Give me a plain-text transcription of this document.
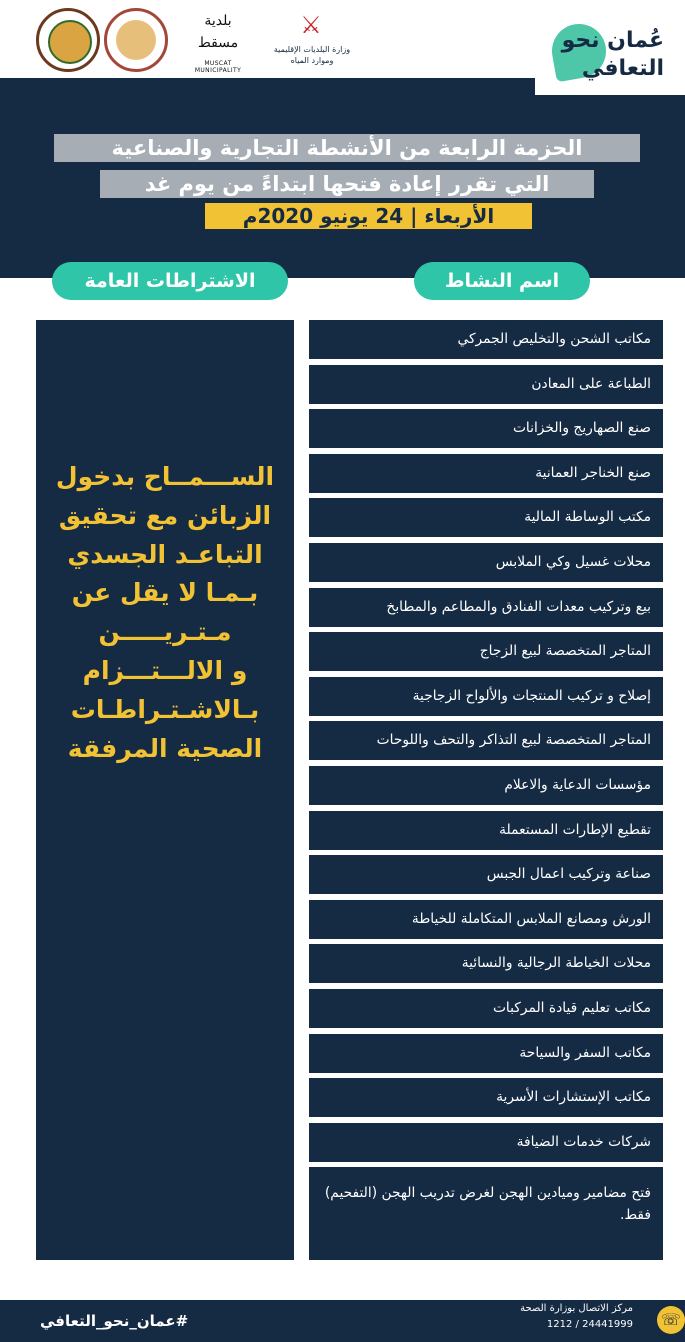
بلدية مسقط
MUSCAT MUNICIPALITY
⚔
وزارة البلديات الإقليمية وموارد المياه
عُمان نحو
التعافي
الحزمة الرابعة من الأنشطة التجارية والصناعية
التي تقرر إعادة فتحها ابتداءً من يوم غد
الأربعاء | 24 يونيو 2020م
الاشتراطات العامة	اسم النشاط
الســـمــاح بدخول
الزبائن مع تحقيق
التباعـد الجسدي
بـمـا لا يقل عن
مـتـريـــــن
و الالـــتـــزام
بـالاشـتـراطـات
الصحية المرفقة
مكاتب الشحن والتخليص الجمركي
الطباعة على المعادن
صنع الصهاريج والخزانات
صنع الخناجر العمانية
مكتب الوساطة المالية
محلات غسيل وكي الملابس
بيع وتركيب معدات الفنادق والمطاعم والمطابخ
المتاجر المتخصصة لبيع الزجاج
إصلاح و تركيب المنتجات والألواح الزجاجية
المتاجر المتخصصة لبيع التذاكر والتحف واللوحات
مؤسسات الدعاية والاعلام
تقطيع الإطارات المستعملة
صناعة وتركيب اعمال الجبس
الورش ومصانع الملابس المتكاملة للخياطة
محلات الخياطة الرجالية والنسائية
مكاتب تعليم قيادة المركبات
مكاتب السفر والسياحة
مكاتب الإستشارات الأسرية
شركات خدمات الضيافة
فتح مضامير وميادين الهجن لغرض تدريب الهجن (التفحيم) فقط.
#عمان_نحو_التعافي
مركز الاتصال بوزارة الصحة
1212 / 24441999 ☏
